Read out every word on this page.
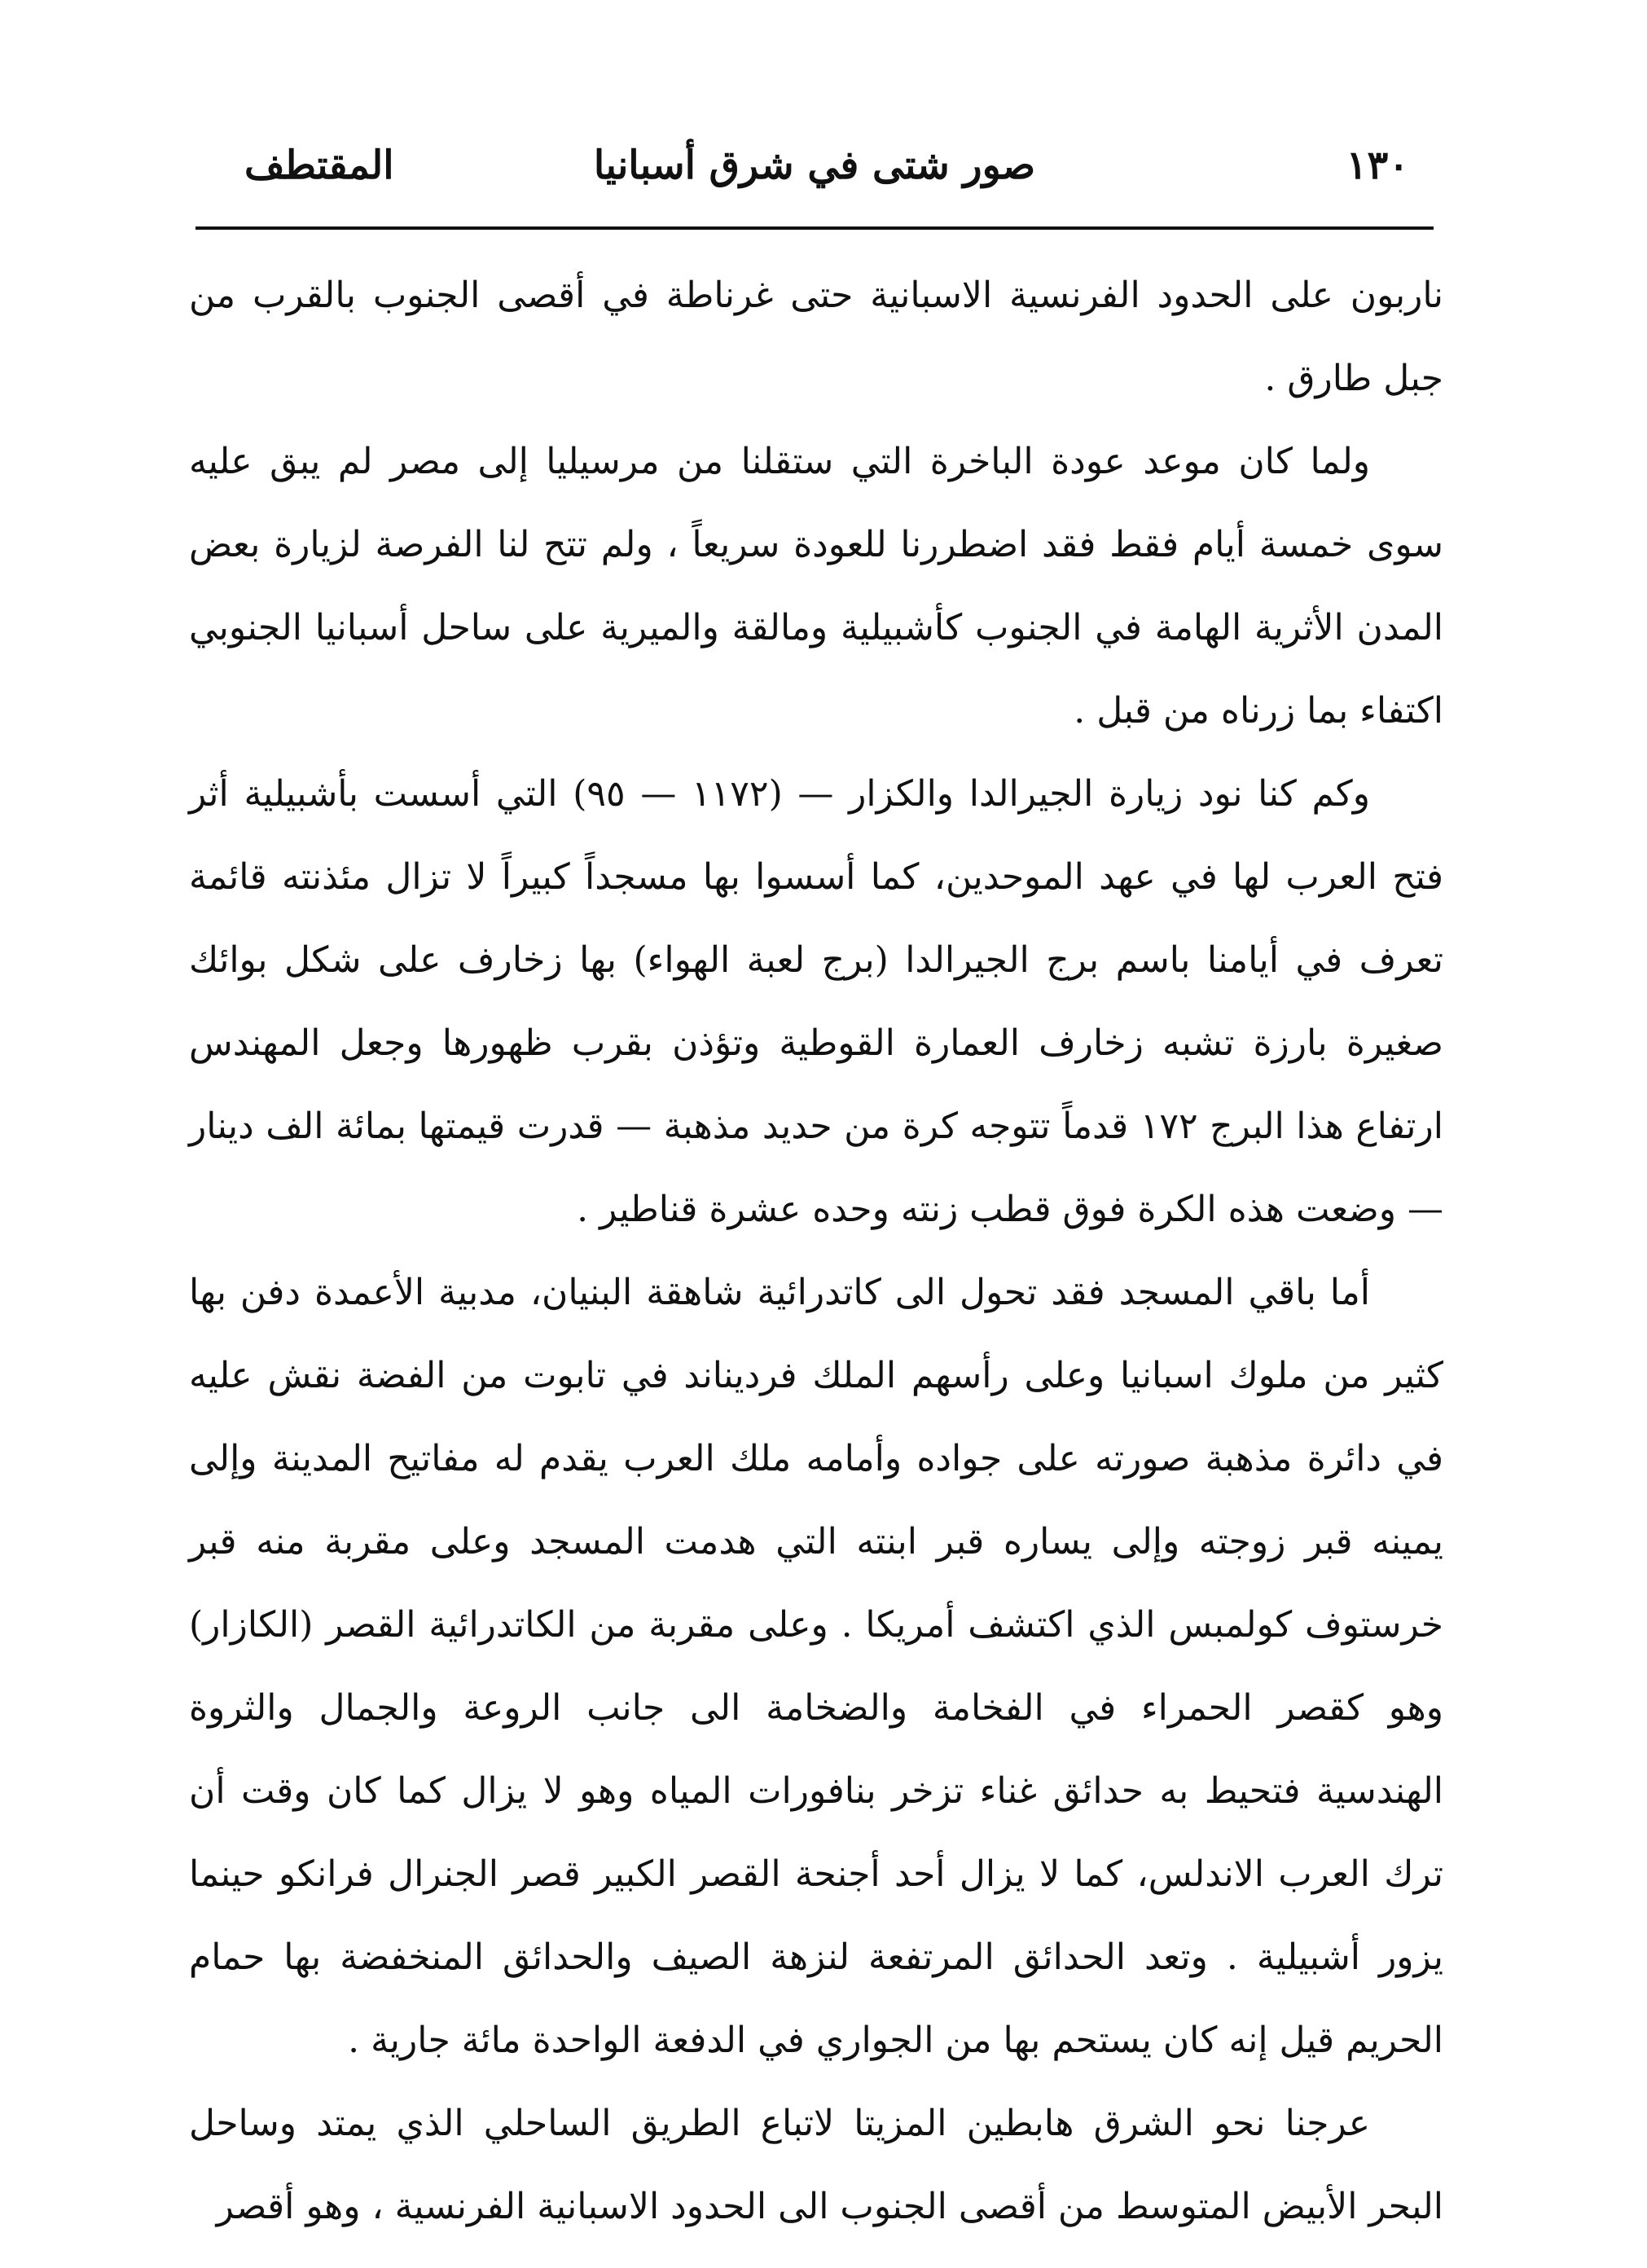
١٣٠
صور شتى في شرق أسبانيا
المقتطف

ناربون على الحدود الفرنسية الاسبانية حتى غرناطة في أقصى الجنوب بالقرب من جبل طارق .

ولما كان موعد عودة الباخرة التي ستقلنا من مرسيليا إلى مصر لم يبق عليه سوى خمسة أيام فقط فقد اضطررنا للعودة سريعاً ، ولم تتح لنا الفرصة لزيارة بعض المدن الأثرية الهامة في الجنوب كأشبيلية ومالقة والميرية على ساحل أسبانيا الجنوبي اكتفاء بما زرناه من قبل .

وكم كنا نود زيارة الجيرالدا والكزار — (١١٧٢ — ٩٥) التي أسست بأشبيلية أثر فتح العرب لها في عهد الموحدين، كما أسسوا بها مسجداً كبيراً لا تزال مئذنته قائمة تعرف في أيامنا باسم برج الجيرالدا (برج لعبة الهواء) بها زخارف على شكل بوائك صغيرة بارزة تشبه زخارف العمارة القوطية وتؤذن بقرب ظهورها وجعل المهندس ارتفاع هذا البرج ١٧٢ قدماً تتوجه كرة من حديد مذهبة — قدرت قيمتها بمائة الف دينار — وضعت هذه الكرة فوق قطب زنته وحده عشرة قناطير .

أما باقي المسجد فقد تحول الى كاتدرائية شاهقة البنيان، مدبية الأعمدة دفن بها كثير من ملوك اسبانيا وعلى رأسهم الملك فرديناند في تابوت من الفضة نقش عليه في دائرة مذهبة صورته على جواده وأمامه ملك العرب يقدم له مفاتيح المدينة وإلى يمينه قبر زوجته وإلى يساره قبر ابنته التي هدمت المسجد وعلى مقربة منه قبر خرستوف كولمبس الذي اكتشف أمريكا . وعلى مقربة من الكاتدرائية القصر (الكازار) وهو كقصر الحمراء في الفخامة والضخامة الى جانب الروعة والجمال والثروة الهندسية فتحيط به حدائق غناء تزخر بنافورات المياه وهو لا يزال كما كان وقت أن ترك العرب الاندلس، كما لا يزال أحد أجنحة القصر الكبير قصر الجنرال فرانكو حينما يزور أشبيلية . وتعد الحدائق المرتفعة لنزهة الصيف والحدائق المنخفضة بها حمام الحريم قيل إنه كان يستحم بها من الجواري في الدفعة الواحدة مائة جارية .

عرجنا نحو الشرق هابطين المزيتا لاتباع الطريق الساحلي الذي يمتد وساحل البحر الأبيض المتوسط من أقصى الجنوب الى الحدود الاسبانية الفرنسية ، وهو أقصر
